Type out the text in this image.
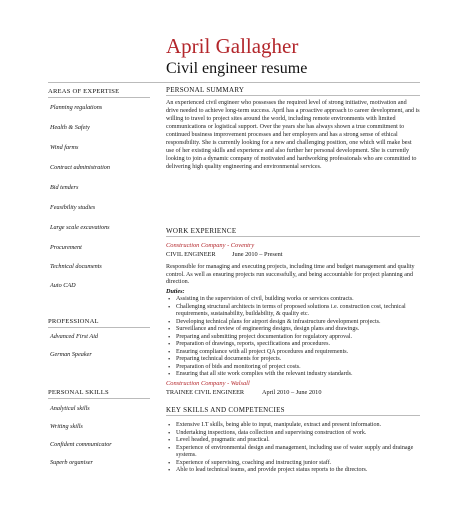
April Gallagher
Civil engineer resume
AREAS OF EXPERTISE
Planning regulations
Health & Safety
Wind farms
Contract administration
Bid tenders
Feasibility studies
Large scale excavations
Procurement
Technical documents
Auto CAD
PROFESSIONAL
Advanced First Aid
German Speaker
PERSONAL SKILLS
Analytical skills
Writing skills
Confident communicator
Superb organiser
PERSONAL SUMMARY
An experienced civil engineer who possesses the required level of strong initiative, motivation and drive needed to achieve long-term success. April has a proactive approach to career development, and is willing to travel to project sites around the world, including remote environments with limited communications or logistical support. Over the years she has always shown a true commitment to continued business improvement processes and her employers and has a strong sense of ethical responsibility. She is currently looking for a new and challenging position, one which will make best use of her existing skills and experience and also further her personal development. She is currently looking to join a dynamic company of motivated and hardworking professionals who are committed to delivering high quality engineering and environmental services.
WORK EXPERIENCE
Construction Company - Coventry
CIVIL ENGINEER	June 2010 – Present
Responsible for managing and executing projects, including time and budget management and quality control. As well as ensuring projects run successfully, and being accountable for project planning and direction.
Duties:
• Assisting in the supervision of civil, building works or services contracts.
• Challenging structural architects in terms of proposed solutions i.e. construction cost, technical requirements, sustainability, buildability, & quality etc.
• Developing technical plans for airport design & infrastructure development projects.
• Surveillance and review of engineering designs, design plans and drawings.
• Preparing and submitting project documentation for regulatory approval.
• Preparation of drawings, reports, specifications and procedures.
• Ensuring compliance with all project QA procedures and requirements.
• Preparing technical documents for projects.
• Preparation of bids and monitoring of project costs.
• Ensuring that all site work complies with the relevant industry standards.
Construction Company - Walsall
TRAINEE CIVIL ENGINEER	April 2010 – June 2010
KEY SKILLS AND COMPETENCIES
• Extensive I.T skills, being able to input, manipulate, extract and present information.
• Undertaking inspections, data collection and supervising construction of work.
• Level headed, pragmatic and practical.
• Experience of environmental design and management, including use of water supply and drainage systems.
• Experience of supervising, coaching and instructing junior staff.
• Able to lead technical teams, and provide project status reports to the directors.
